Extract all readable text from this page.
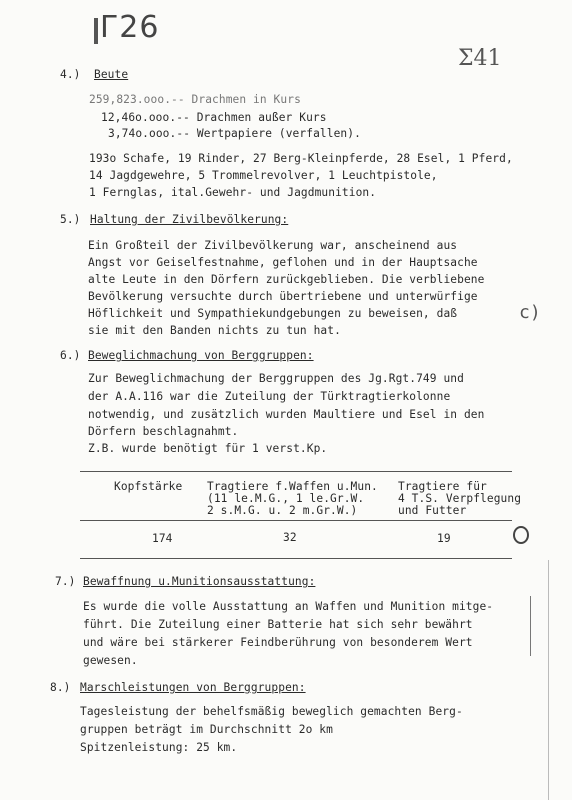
Г26
Σ41
4.) Beute
259,823.ooo.-- Drachmen in Kurs
12,46o.ooo.-- Drachmen außer Kurs
3,74o.ooo.-- Wertpapiere (verfallen).
193o Schafe, 19 Rinder, 27 Berg-Kleinpferde, 28 Esel, 1 Pferd,
14 Jagdgewehre, 5 Trommelrevolver, 1 Leuchtpistole,
1 Fernglas, ital.Gewehr- und Jagdmunition.
5.) Haltung der Zivilbevölkerung:
Ein Großteil der Zivilbevölkerung war, anscheinend aus
Angst vor Geiselfestnahme, geflohen und in der Hauptsache
alte Leute in den Dörfern zurückgeblieben. Die verbliebene
Bevölkerung versuchte durch übertriebene und unterwürfige
Höflichkeit und Sympathiekundgebungen zu beweisen, daß
sie mit den Banden nichts zu tun hat.
c)
6.) Beweglichmachung von Berggruppen:
Zur Beweglichmachung der Berggruppen des Jg.Rgt.749 und
der A.A.116 war die Zuteilung der Türktragtierkolonne
notwendig, und zusätzlich wurden Maultiere und Esel in den
Dörfern beschlagnahmt.
Z.B. wurde benötigt für 1 verst.Kp.
Kopfstärke Tragtiere f.Waffen u.Mun.
(11 le.M.G., 1 le.Gr.W.
2 s.M.G. u. 2 m.Gr.W.)
Tragtiere für
4 T.S. Verpflegung
und Futter
174	32	19
7.) Bewaffnung u.Munitionsausstattung:
Es wurde die volle Ausstattung an Waffen und Munition mitge-
führt. Die Zuteilung einer Batterie hat sich sehr bewährt
und wäre bei stärkerer Feindberührung von besonderem Wert
gewesen.
8.) Marschleistungen von Berggruppen:
Tagesleistung der behelfsmäßig beweglich gemachten Berg-
gruppen beträgt im Durchschnitt 2o km
Spitzenleistung: 25 km.
